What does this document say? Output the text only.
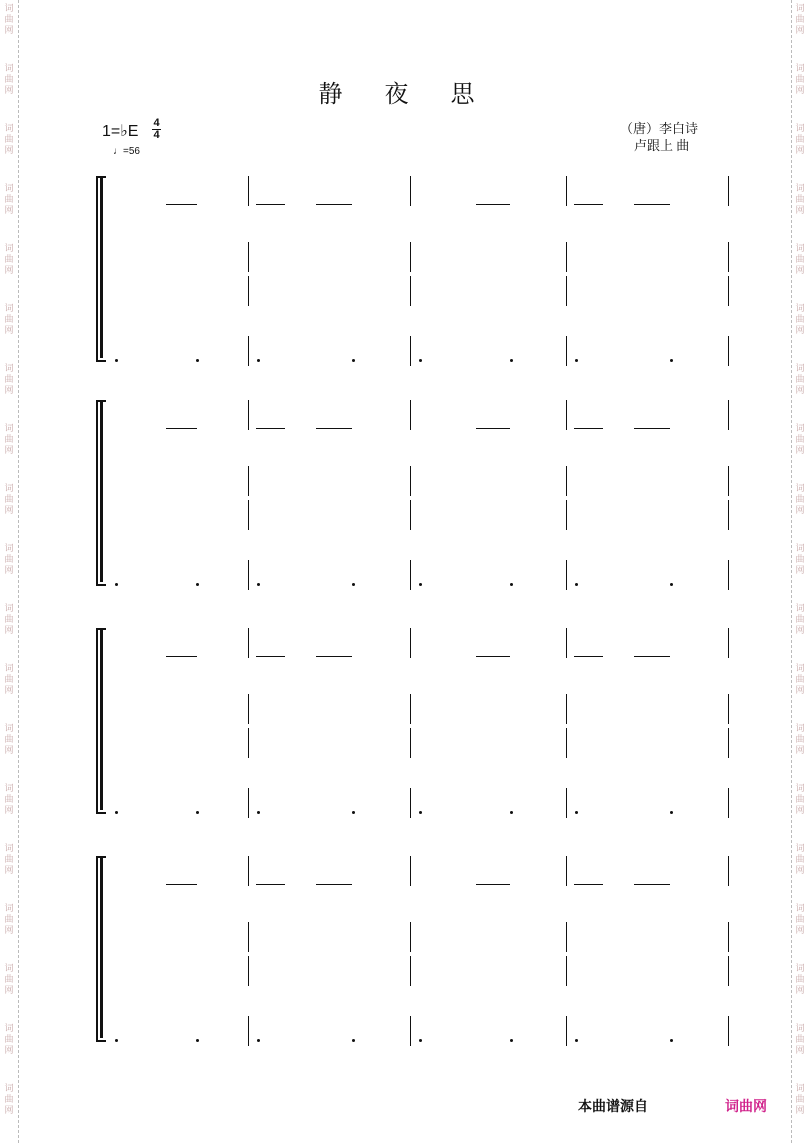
词
曲
网
词
曲
网
词
曲
网
词
曲
网
词
曲
网
词
曲
网
词
曲
网
词
曲
网
词
曲
网
词
曲
网
词
曲
网
词
曲
网
词
曲
网
词
曲
网
词
曲
网
词
曲
网
词
曲
网
词
曲
网
词
曲
网
词
曲
网
词
曲
网
词
曲
网
词
曲
网
词
曲
网
词
曲
网
词
曲
网
词
曲
网
词
曲
网
词
曲
网
词
曲
网
词
曲
网
词
曲
网
词
曲
网
词
曲
网
词
曲
网
词
曲
网
词
曲
网
词
曲
网
静 夜 思
1=♭E 4
4
♩=56
（唐）李白诗
卢跟上 曲
本曲谱源自	词曲网
